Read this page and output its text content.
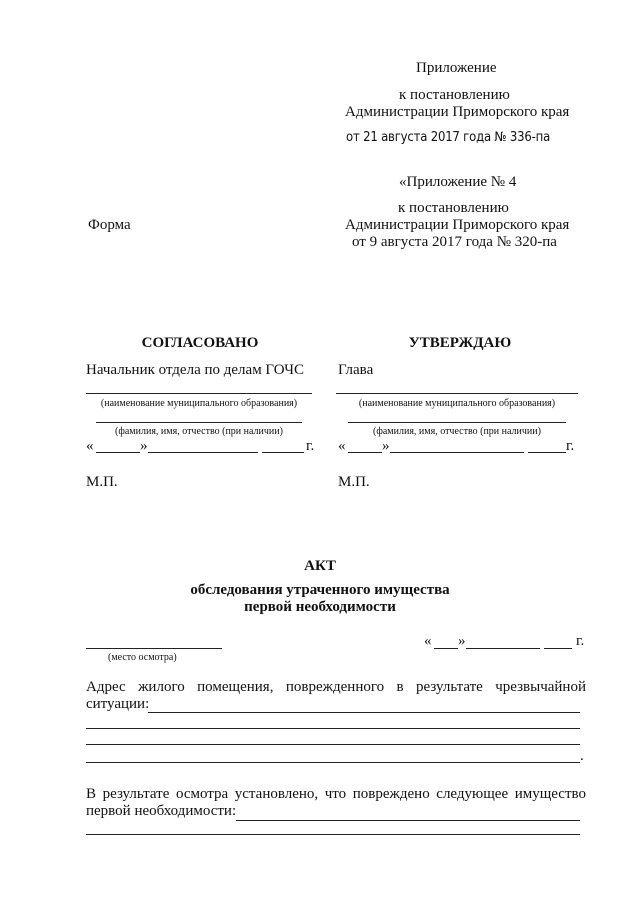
Приложение
к постановлению
Администрации Приморского края
от 21 августа 2017 года № 336-па
«Приложение № 4
к постановлению
Администрации Приморского края
от 9 августа 2017 года № 320-па
Форма
СОГЛАСОВАНО
Начальник отдела по делам ГОЧС
(наименование муниципального образования)
(фамилия, имя, отчество (при наличии)
«	»	г.
М.П.
УТВЕРЖДАЮ
Глава
(наименование муниципального образования)
(фамилия, имя, отчество (при наличии)
« »	г.
М.П.
АКТ
обследования утраченного имущества
первой необходимости
(место осмотра)
« »	г.
Адрес жилого помещения, поврежденного в результате чрезвычайной
ситуации:
.
В результате осмотра установлено, что повреждено следующее имущество
первой необходимости:
